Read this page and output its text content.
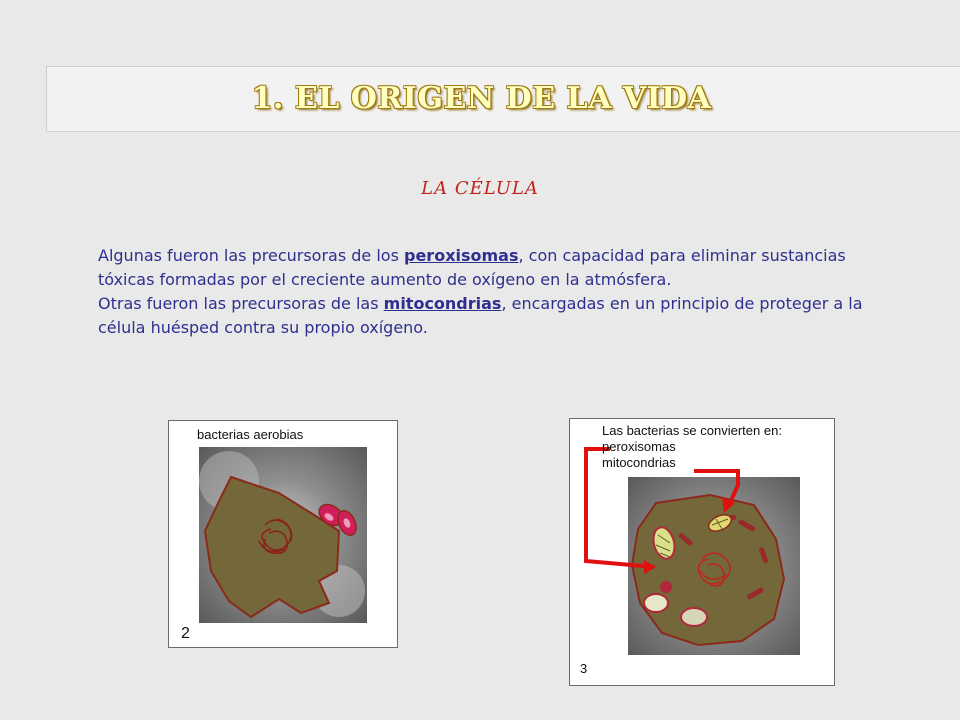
1. EL ORIGEN DE LA VIDA
LA CÉLULA

Algunas fueron las precursoras de los peroxisomas, con capacidad para eliminar sustancias tóxicas formadas por el creciente aumento de oxígeno en la atmósfera.

Otras fueron las precursoras de las mitocondrias, encargadas en un principio de proteger a la célula huésped contra su propio oxígeno.

bacterias aerobias
2
Las bacterias se convierten en:
peroxisomas
mitocondrias
3
